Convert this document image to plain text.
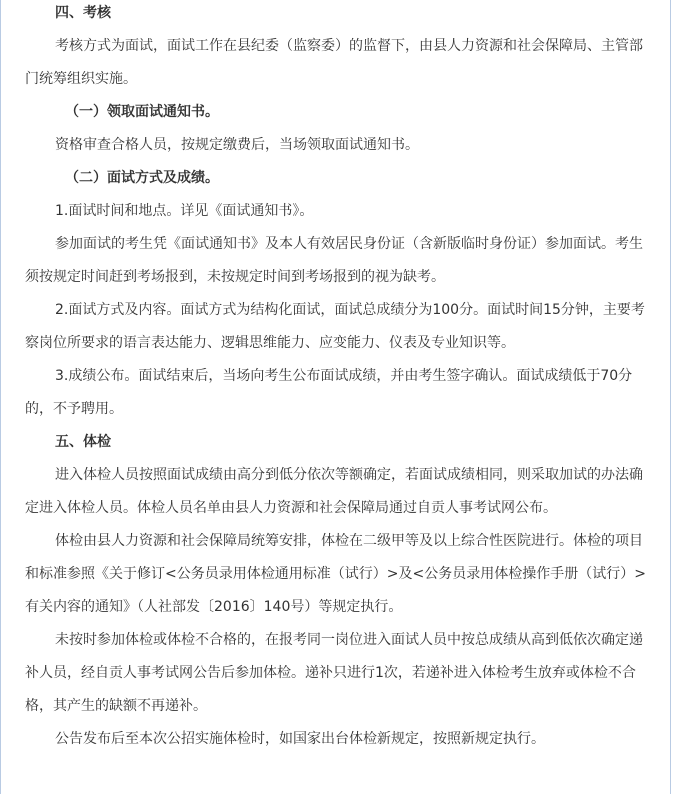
四、考核

考核方式为面试，面试工作在县纪委（监察委）的监督下，由县人力资源和社会保障局、主管部门统筹组织实施。

（一）领取面试通知书。

资格审查合格人员，按规定缴费后，当场领取面试通知书。

（二）面试方式及成绩。

1.面试时间和地点。详见《面试通知书》。

参加面试的考生凭《面试通知书》及本人有效居民身份证（含新版临时身份证）参加面试。考生须按规定时间赶到考场报到，未按规定时间到考场报到的视为缺考。

2.面试方式及内容。面试方式为结构化面试，面试总成绩分为100分。面试时间15分钟，主要考察岗位所要求的语言表达能力、逻辑思维能力、应变能力、仪表及专业知识等。

3.成绩公布。面试结束后，当场向考生公布面试成绩，并由考生签字确认。面试成绩低于70分的，不予聘用。

五、体检

进入体检人员按照面试成绩由高分到低分依次等额确定，若面试成绩相同，则采取加试的办法确定进入体检人员。体检人员名单由县人力资源和社会保障局通过自贡人事考试网公布。

体检由县人力资源和社会保障局统筹安排，体检在二级甲等及以上综合性医院进行。体检的项目和标准参照《关于修订<公务员录用体检通用标准（试行）>及<公务员录用体检操作手册（试行）>有关内容的通知》（人社部发〔2016〕140号）等规定执行。

未按时参加体检或体检不合格的，在报考同一岗位进入面试人员中按总成绩从高到低依次确定递补人员，经自贡人事考试网公告后参加体检。递补只进行1次，若递补进入体检考生放弃或体检不合格，其产生的缺额不再递补。

公告发布后至本次公招实施体检时，如国家出台体检新规定，按照新规定执行。
